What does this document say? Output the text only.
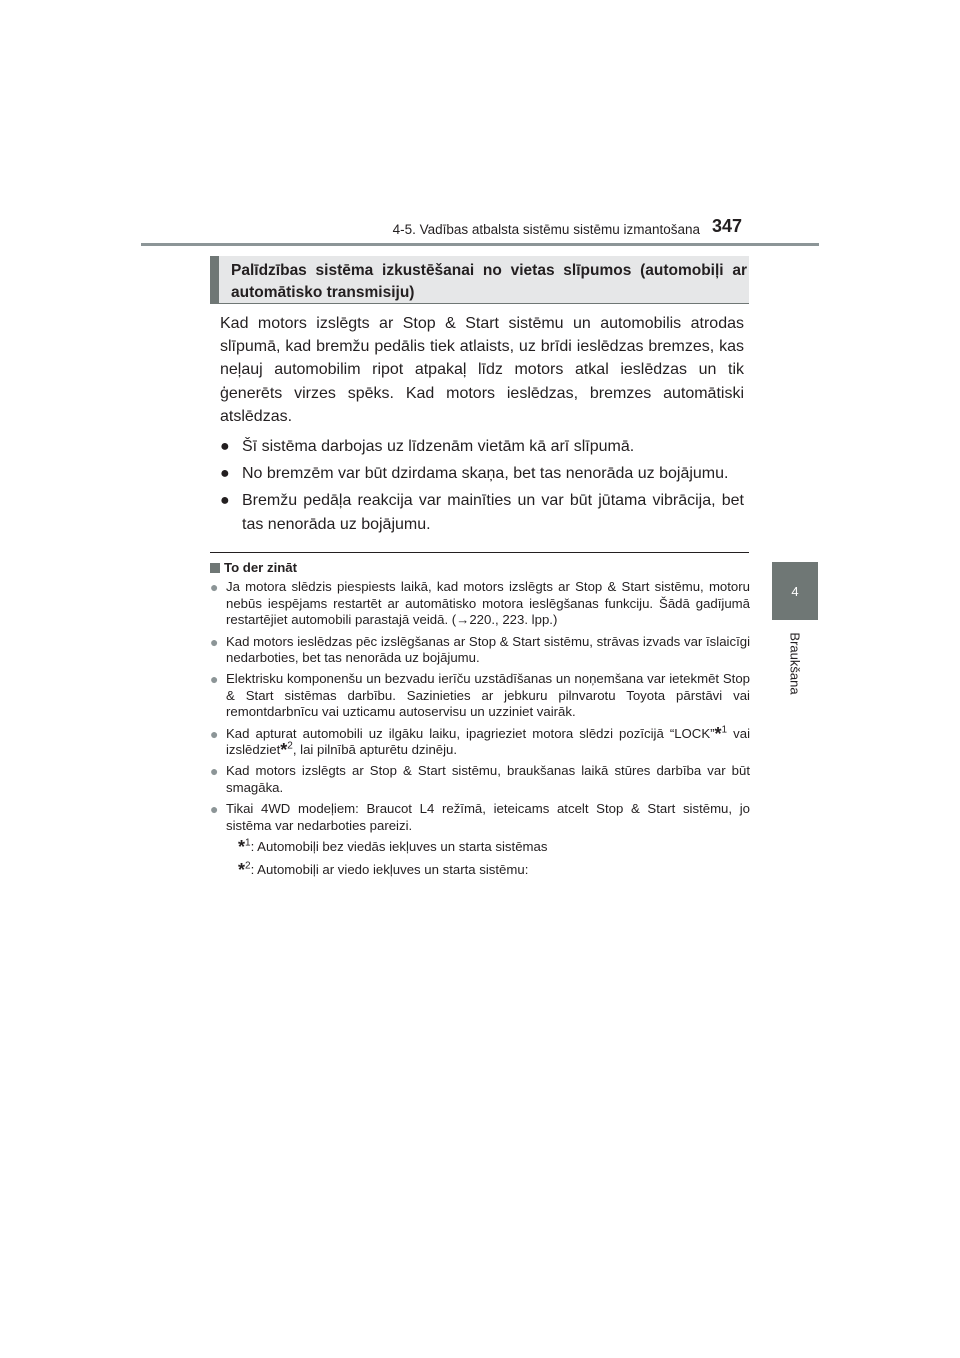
4-5. Vadības atbalsta sistēmu sistēmu izmantošana 347
4
Braukšana
Palīdzības sistēma izkustēšanai no vietas slīpumos (automobiļi ar automātisko transmisiju)

Kad motors izslēgts ar Stop & Start sistēmu un automobilis atrodas slīpumā, kad bremžu pedālis tiek atlaists, uz brīdi ieslēdzas bremzes, kas neļauj automobilim ripot atpakaļ līdz motors atkal ieslēdzas un tik ģenerēts virzes spēks. Kad motors ieslēdzas, bremzes automātiski atslēdzas.

● Šī sistēma darbojas uz līdzenām vietām kā arī slīpumā.
● No bremzēm var būt dzirdama skaņa, bet tas nenorāda uz bojājumu.
● Bremžu pedāļa reakcija var mainīties un var būt jūtama vibrācija, bet tas nenorāda uz bojājumu.
To der zināt
● Ja motora slēdzis piespiests laikā, kad motors izslēgts ar Stop & Start sistēmu, motoru nebūs iespējams restartēt ar automātisko motora ieslēgšanas funkciju. Šādā gadījumā restartējiet automobili parastajā veidā. (→220., 223. lpp.)
● Kad motors ieslēdzas pēc izslēgšanas ar Stop & Start sistēmu, strāvas izvads var īslaicīgi nedarboties, bet tas nenorāda uz bojājumu.
● Elektrisku komponenšu un bezvadu ierīču uzstādīšanas un noņemšana var ietekmēt Stop & Start sistēmas darbību. Sazinieties ar jebkuru pilnvarotu Toyota pārstāvi vai remontdarbnīcu vai uzticamu autoservisu un uzziniet vairāk.
● Kad apturat automobili uz ilgāku laiku, ipagrieziet motora slēdzi pozīcijā “LOCK”*$^1$ vai izslēdziet*$^2$, lai pilnībā apturētu dzinēju.
● Kad motors izslēgts ar Stop & Start sistēmu, braukšanas laikā stūres darbība var būt smagāka.
● Tikai 4WD modeļiem: Braucot L4 režīmā, ieteicams atcelt Stop & Start sistēmu, jo sistēma var nedarboties pareizi.
*$^1$: Automobiļi bez viedās iekļuves un starta sistēmas
*$^2$: Automobiļi ar viedo iekļuves un starta sistēmu:
